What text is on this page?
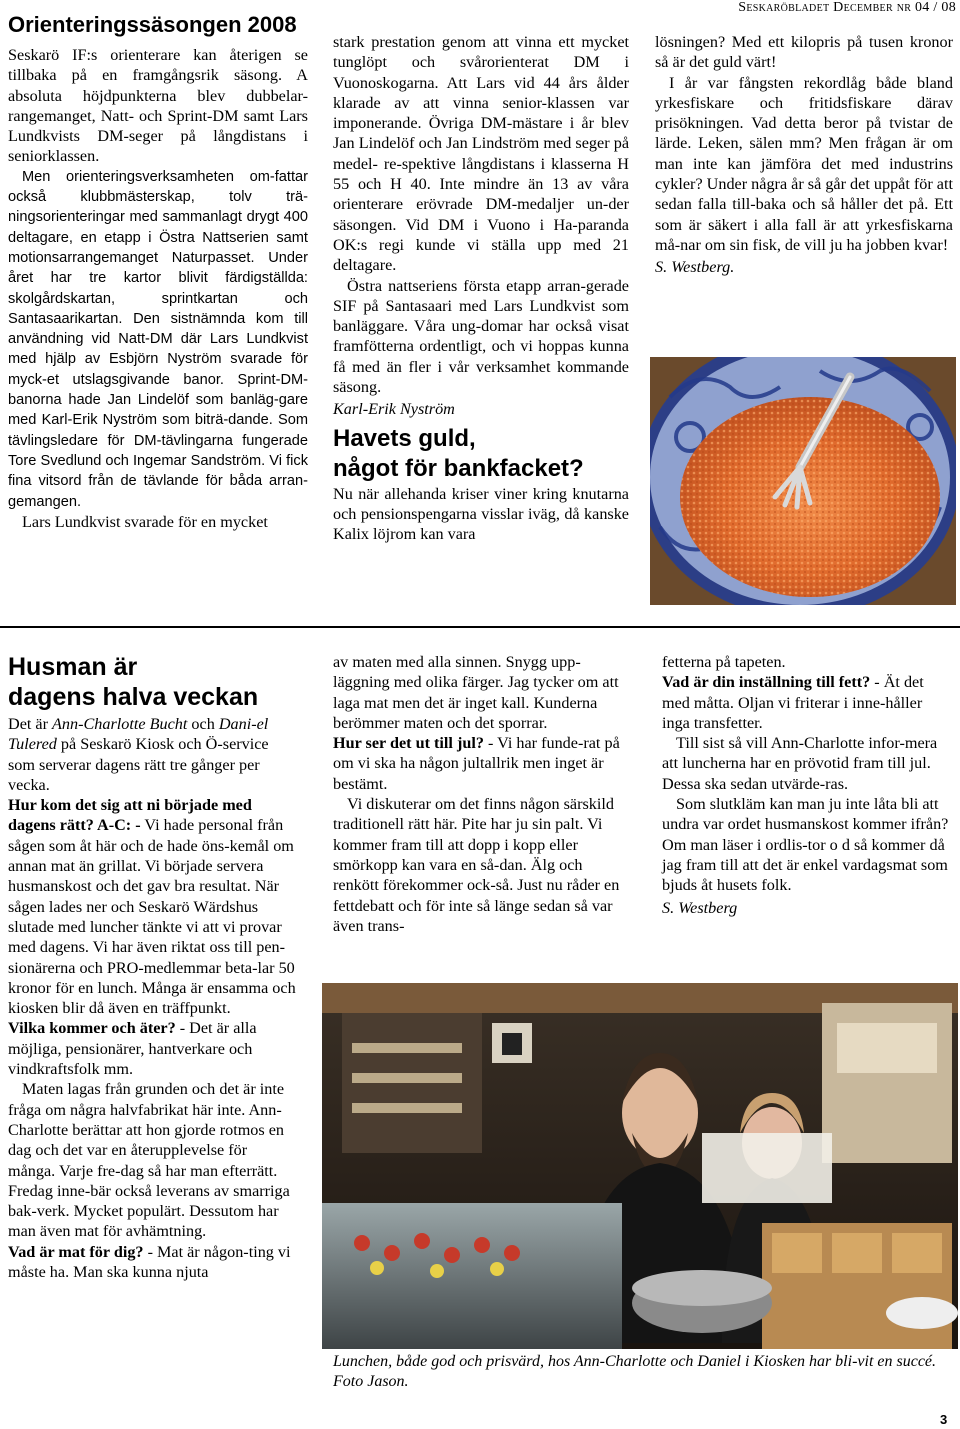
Seskaröbladet December nr 04 / 08
Orienteringssäsongen 2008

Seskarö IF:s orienterare kan återigen se tillbaka på en framgångsrik säsong. A absoluta höjdpunkterna blev dubbelar-rangemanget, Natt- och Sprint-DM samt Lars Lundkvists DM-seger på långdistans i seniorklassen.

Men orienteringsverksamheten om-fattar också klubbmästerskap, tolv trä-ningsorienteringar med sammanlagt drygt 400 deltagare, en etapp i Östra Nattserien samt motionsarrangemanget Naturpasset. Under året har tre kartor blivit färdigställda: skolgårdskartan, sprintkartan och Santasaarikartan. Den sistnämnda kom till användning vid Natt-DM där Lars Lundkvist med hjälp av Esbjörn Nyström svarade för myck-et utslagsgivande banor. Sprint-DM-banorna hade Jan Lindelöf som banläg-gare med Karl-Erik Nyström som biträ-dande. Som tävlingsledare för DM-tävlingarna fungerade Tore Svedlund och Ingemar Sandström. Vi fick fina vitsord från de tävlande för båda arran-gemangen.

Lars Lundkvist svarade för en mycket

stark prestation genom att vinna ett mycket tunglöpt och svårorienterat DM i Vuonoskogarna. Att Lars vid 44 års ålder klarade av att vinna senior-klassen var imponerande. Övriga DM-mästare i år blev Jan Lindelöf och Jan Lindström med seger på medel- re-spektive långdistans i klasserna H 55 och H 40. Inte mindre än 13 av våra orienterare erövrade DM-medaljer un-der säsongen. Vid DM i Vuono i Ha-paranda OK:s regi kunde vi ställa upp med 21 deltagare.

Östra nattseriens första etapp arran-gerade SIF på Santasaari med Lars Lundkvist som banläggare. Våra ung-domar har också visat framfötterna ordentligt, och vi hoppas kunna få med än fler i vår verksamhet kommande säsong.

Karl-Erik Nyström

Havets guld,
något för bankfacket?

Nu när allehanda kriser viner kring knutarna och pensionspengarna visslar iväg, då kanske Kalix löjrom kan vara

lösningen? Med ett kilopris på tusen kronor så är det guld värt!

I år var fångsten rekordlåg både bland yrkesfiskare och fritidsfiskare därav prisökningen. Vad detta beror på tvistar de lärde. Leken, sälen mm? Men frågan är om man inte kan jämföra det med industrins cykler? Under några år så går det uppåt för att sedan falla till-baka och så håller det på. Ett som är säkert i alla fall är att yrkesfiskarna må-nar om sin fisk, de vill ju ha jobben kvar!

S. Westberg.

Husman är
dagens halva veckan

Det är Ann-Charlotte Bucht och Dani-el Tulered på Seskarö Kiosk och Ö-service som serverar dagens rätt tre gånger per vecka.

Hur kom det sig att ni började med dagens rätt? A-C: - Vi hade personal från sågen som åt här och de hade öns-kemål om annan mat än grillat. Vi började servera husmanskost och det gav bra resultat. När sågen lades ner och Seskarö Wärdshus slutade med luncher tänkte vi att vi provar med dagens. Vi har även riktat oss till pen-sionärerna och PRO-medlemmar beta-lar 50 kronor för en lunch. Många är ensamma och kiosken blir då även en träffpunkt.

Vilka kommer och äter? - Det är alla möjliga, pensionärer, hantverkare och vindkraftsfolk mm.

Maten lagas från grunden och det är inte fråga om några halvfabrikat här inte. Ann-Charlotte berättar att hon gjorde rotmos en dag och det var en återupplevelse för många. Varje fre-dag så har man efterrätt. Fredag inne-bär också leverans av smarriga bak-verk. Mycket populärt. Dessutom har man även mat för avhämtning.

Vad är mat för dig? - Mat är någon-ting vi måste ha. Man ska kunna njuta

av maten med alla sinnen. Snygg upp-läggning med olika färger. Jag tycker om att laga mat men det är inget kall. Kunderna berömmer maten och det sporrar.

Hur ser det ut till jul? - Vi har funde-rat på om vi ska ha någon jultallrik men inget är bestämt.

Vi diskuterar om det finns någon särskild traditionell rätt här. Pite har ju sin palt. Vi kommer fram till att dopp i kopp eller smörkopp kan vara en så-dan. Älg och renkött förekommer ock-så. Just nu råder en fettdebatt och för inte så länge sedan så var även trans-

fetterna på tapeten.

Vad är din inställning till fett? - Ät det med måtta. Oljan vi friterar i inne-håller inga transfetter.

Till sist så vill Ann-Charlotte infor-mera att luncherna har en prövotid fram till jul. Dessa ska sedan utvärde-ras.

Som slutkläm kan man ju inte låta bli att undra var ordet husmanskost kommer ifrån? Om man läser i ordlis-tor o d så kommer då jag fram till att det är enkel vardagsmat som bjuds åt husets folk.

S. Westberg

Lunchen, både god och prisvärd, hos Ann-Charlotte och Daniel i Kiosken har bli-vit en succé. Foto Jason.

3
